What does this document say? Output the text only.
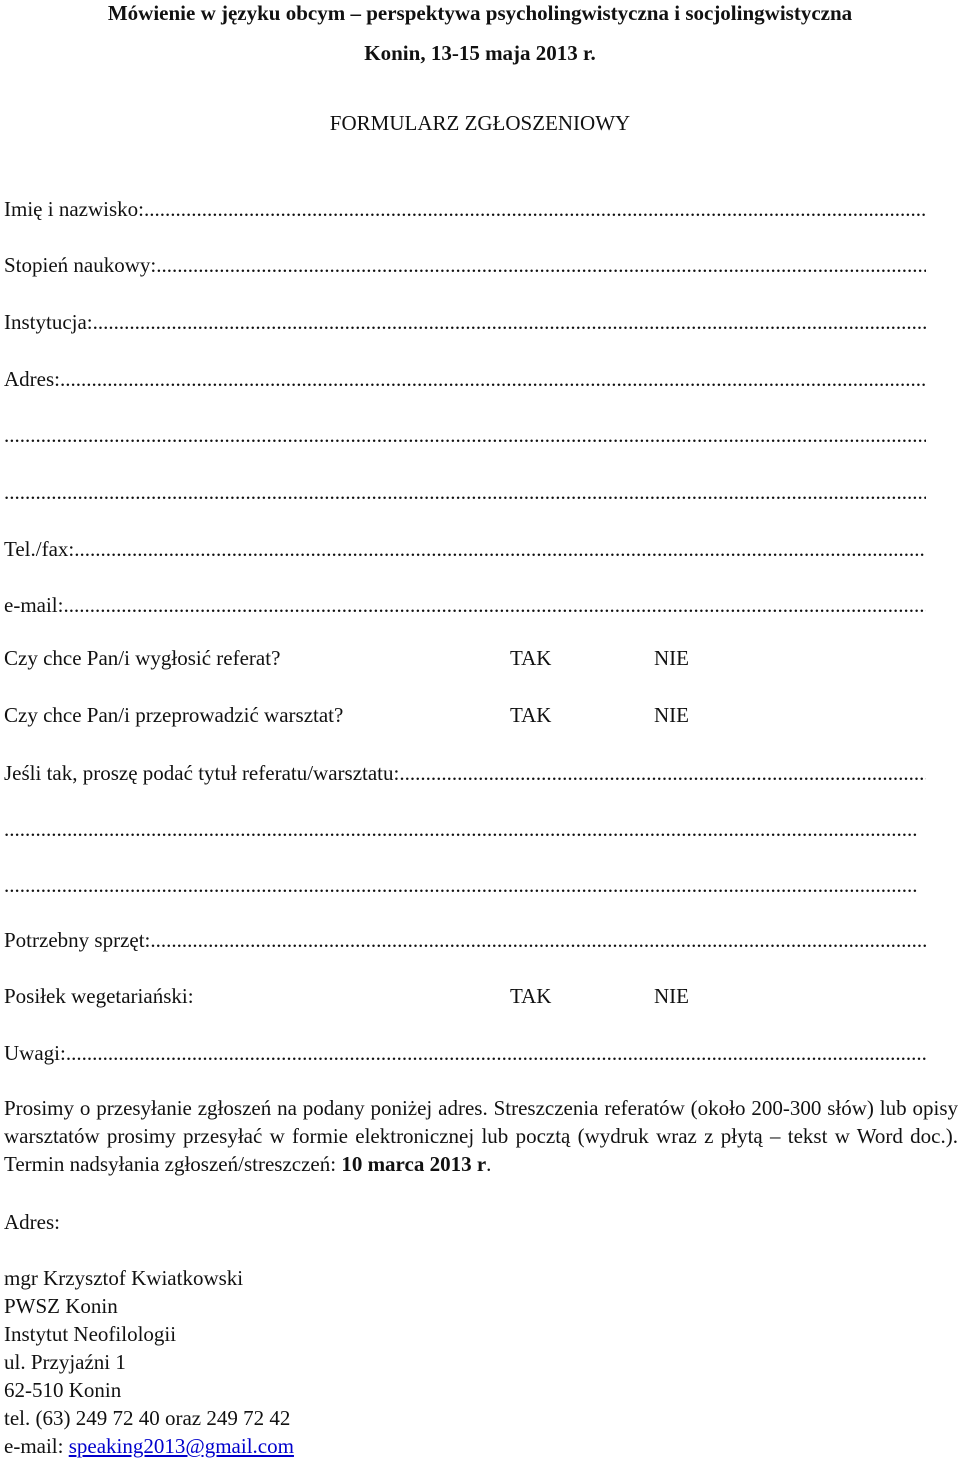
Mówienie w języku obcym – perspektywa psycholingwistyczna i socjolingwistyczna
Konin, 13-15 maja 2013 r.
FORMULARZ ZGŁOSZENIOWY
Imię i nazwisko:
.....
Stopień naukowy:
.....
Instytucja:
.....
Adres:
.....
.....
.....
Tel./fax:
.....
e-mail:
.....
Czy chce Pan/i wygłosić referat?	TAK	NIE
Czy chce Pan/i przeprowadzić warsztat?	TAK	NIE
Jeśli tak, proszę podać tytuł referatu/warsztatu:
.....
.....
.....
Potrzebny sprzęt:
.....
Posiłek wegetariański:	TAK	NIE
Uwagi:
.....
Prosimy o przesyłanie zgłoszeń na podany poniżej adres. Streszczenia referatów (około 200-300 słów) lub opisy warsztatów prosimy przesyłać w formie elektronicznej lub pocztą (wydruk wraz z płytą – tekst w Word doc.). Termin nadsyłania zgłoszeń/streszczeń: 10 marca 2013 r.
Adres:
mgr Krzysztof Kwiatkowski
PWSZ Konin
Instytut Neofilologii
ul. Przyjaźni 1
62-510 Konin
tel. (63) 249 72 40 oraz 249 72 42
e-mail: speaking2013@gmail.com
